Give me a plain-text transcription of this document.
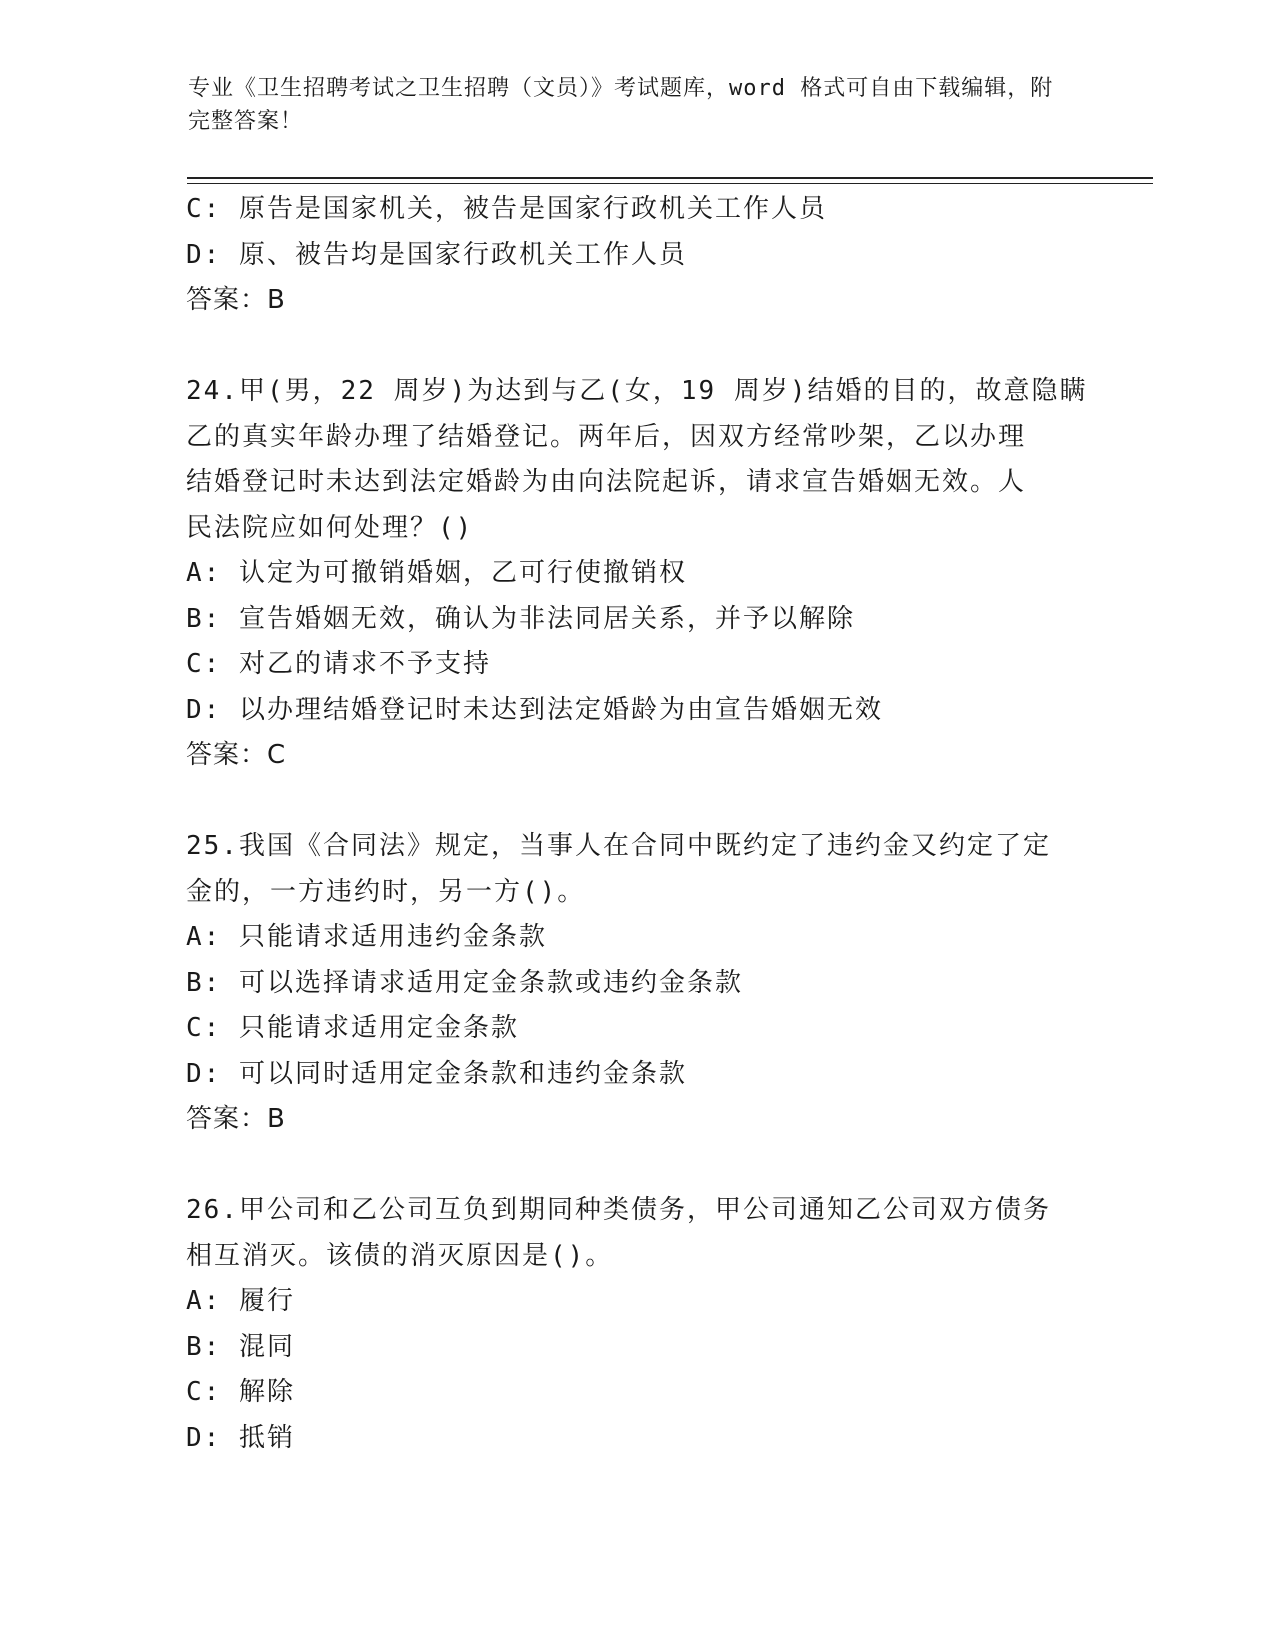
专业《卫生招聘考试之卫生招聘（文员）》考试题库，word 格式可自由下载编辑，附完整答案！
C: 原告是国家机关，被告是国家行政机关工作人员
D: 原、被告均是国家行政机关工作人员
答案：B
24.甲(男，22 周岁)为达到与乙(女，19 周岁)结婚的目的，故意隐瞒
乙的真实年龄办理了结婚登记。两年后，因双方经常吵架，乙以办理
结婚登记时未达到法定婚龄为由向法院起诉，请求宣告婚姻无效。人
民法院应如何处理？()
A: 认定为可撤销婚姻，乙可行使撤销权
B: 宣告婚姻无效，确认为非法同居关系，并予以解除
C: 对乙的请求不予支持
D: 以办理结婚登记时未达到法定婚龄为由宣告婚姻无效
答案：C
25.我国《合同法》规定，当事人在合同中既约定了违约金又约定了定
金的，一方违约时，另一方()。
A: 只能请求适用违约金条款
B: 可以选择请求适用定金条款或违约金条款
C: 只能请求适用定金条款
D: 可以同时适用定金条款和违约金条款
答案：B
26.甲公司和乙公司互负到期同种类债务，甲公司通知乙公司双方债务
相互消灭。该债的消灭原因是()。
A: 履行
B: 混同
C: 解除
D: 抵销
